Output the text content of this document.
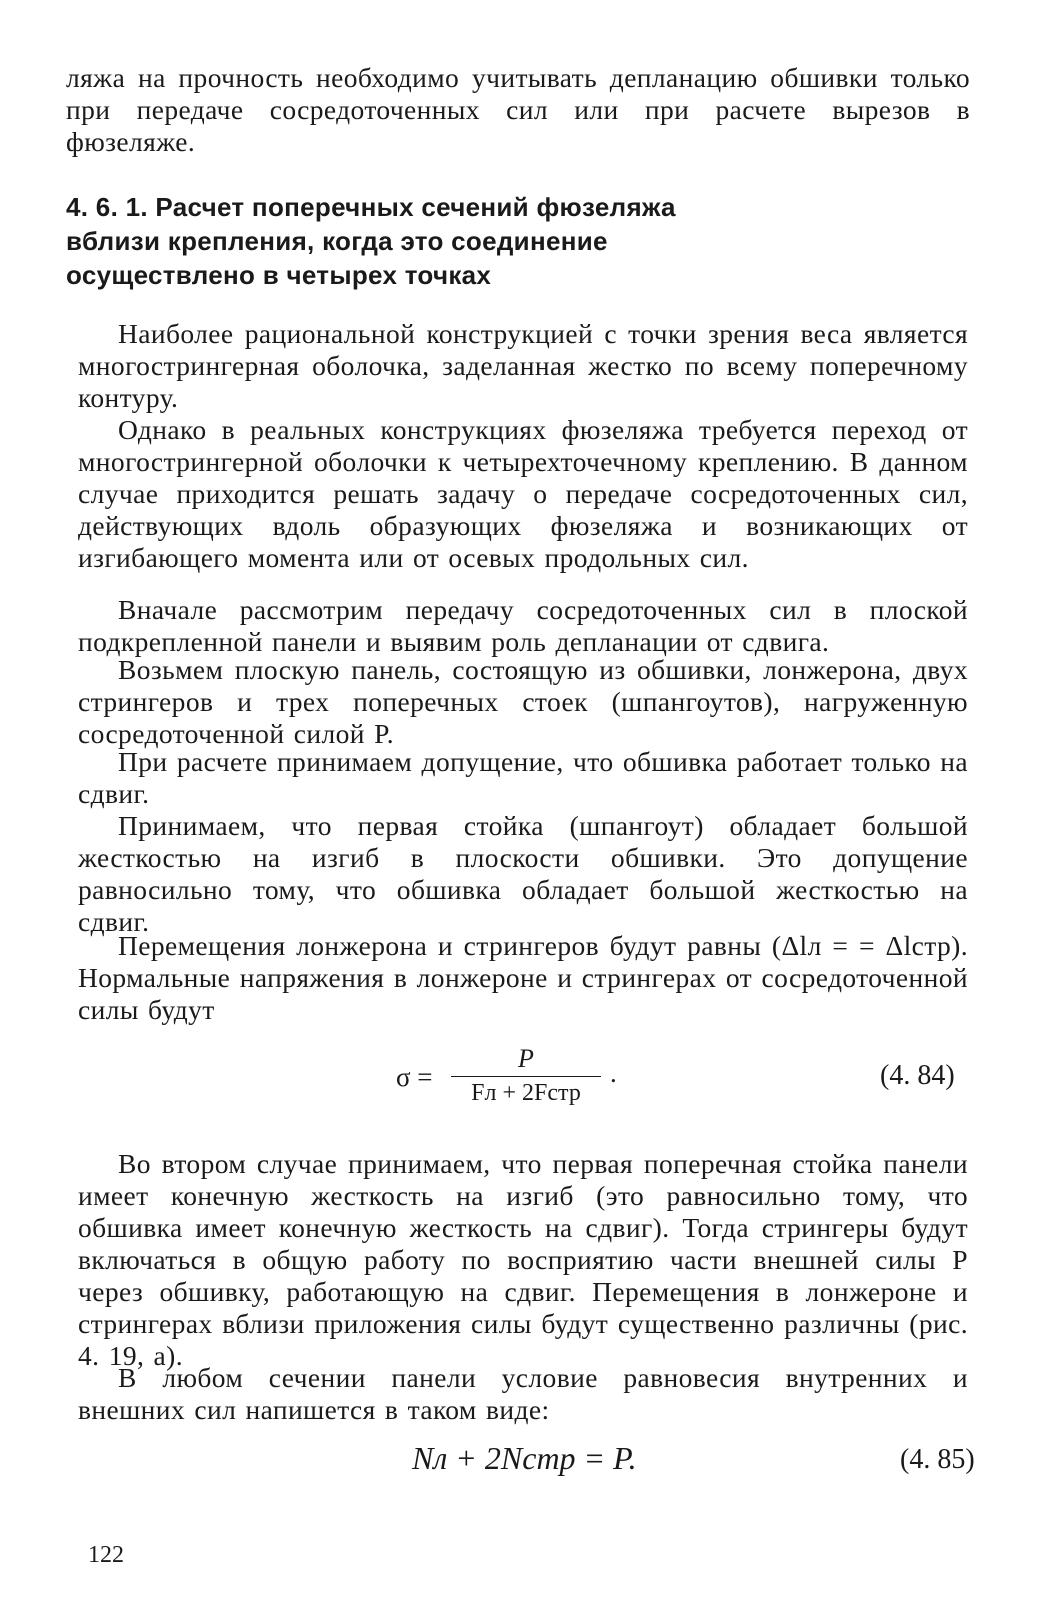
ляжа на прочность необходимо учитывать депланацию обшивки только при передаче сосредоточенных сил или при расчете вырезов в фюзеляже.

4. 6. 1. Расчет поперечных сечений фюзеляжа вблизи крепления, когда это соединение осуществлено в четырех точках

Наиболее рациональной конструкцией с точки зрения веса является многострингерная оболочка, заделанная жестко по всему поперечному контуру.

Однако в реальных конструкциях фюзеляжа требуется переход от многострингерной оболочки к четырехточечному креплению. В данном случае приходится решать задачу о передаче сосредоточенных сил, действующих вдоль образующих фюзеляжа и возникающих от изгибающего момента или от осевых продольных сил.

Вначале рассмотрим передачу сосредоточенных сил в плоской подкрепленной панели и выявим роль депланации от сдвига.

Возьмем плоскую панель, состоящую из обшивки, лонжерона, двух стрингеров и трех поперечных стоек (шпангоутов), нагруженную сосредоточенной силой P.

При расчете принимаем допущение, что обшивка работает только на сдвиг.

Принимаем, что первая стойка (шпангоут) обладает большой жесткостью на изгиб в плоскости обшивки. Это допущение равносильно тому, что обшивка обладает большой жесткостью на сдвиг.

Перемещения лонжерона и стрингеров будут равны (Δlл = = Δlстр). Нормальные напряжения в лонжероне и стрингерах от сосредоточенной силы будут

σ =
P
Fл + 2Fстр
.	(4. 84)

Во втором случае принимаем, что первая поперечная стойка панели имеет конечную жесткость на изгиб (это равносильно тому, что обшивка имеет конечную жесткость на сдвиг). Тогда стрингеры будут включаться в общую работу по восприятию части внешней силы P через обшивку, работающую на сдвиг. Перемещения в лонжероне и стрингерах вблизи приложения силы будут существенно различны (рис. 4. 19, a).

В любом сечении панели условие равновесия внутренних и внешних сил напишется в таком виде:

Nл + 2Nстр = P.	(4. 85)
122
